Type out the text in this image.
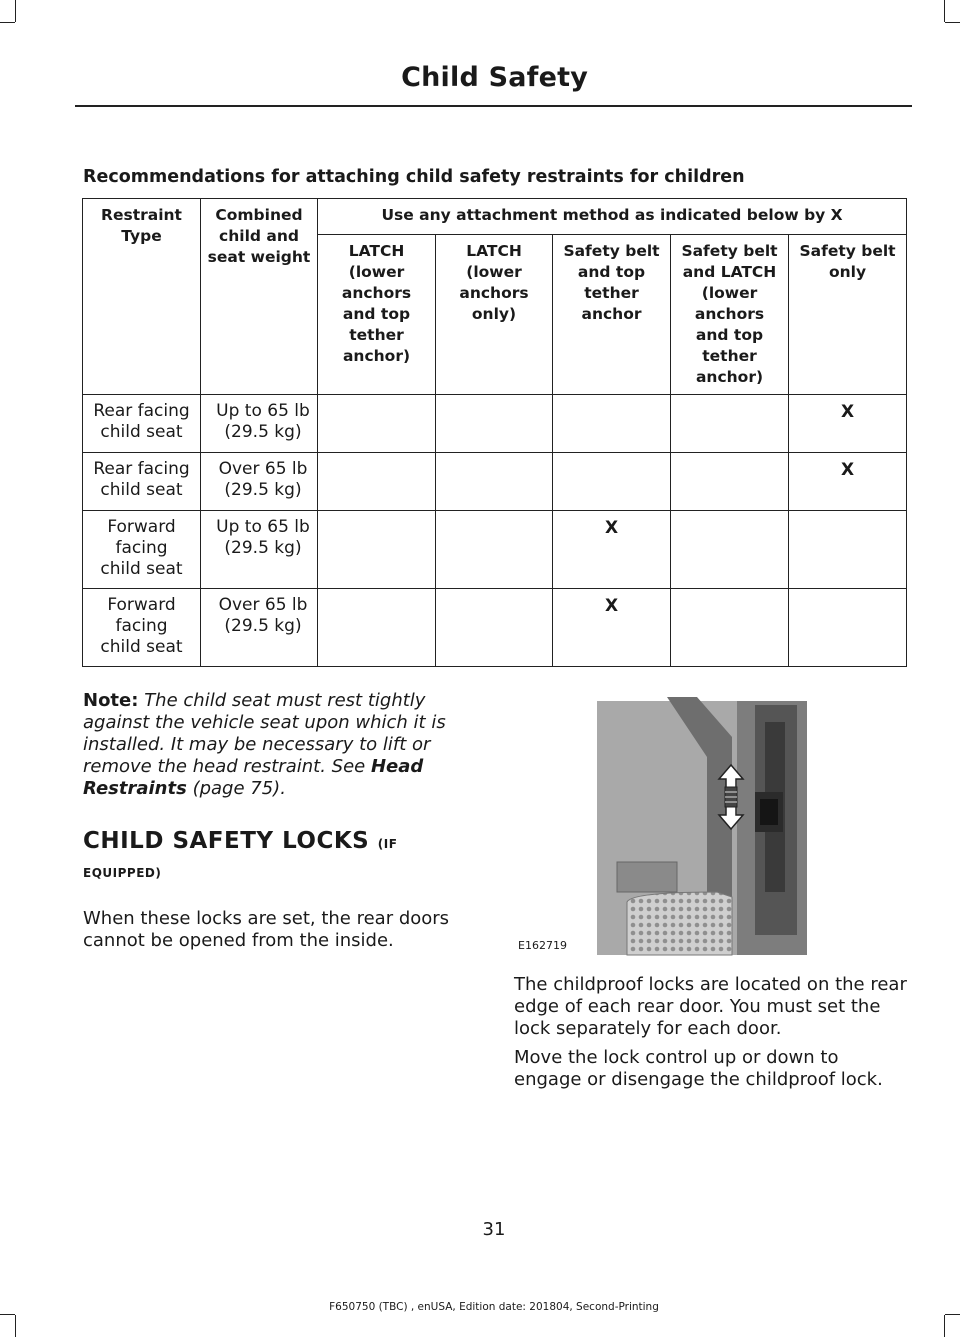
Child Safety
Recommendations for attaching child safety restraints for children
Restraint Type	Combined child and seat weight	Use any attachment method as indicated below by X				
		LATCH (lower anchors and top tether anchor)	LATCH (lower anchors only)	Safety belt and top tether anchor	Safety belt and LATCH (lower anchors and top tether anchor)	Safety belt only
Rear facing child seat	Up to 65 lb (29.5 kg)					X
Rear facing child seat	Over 65 lb (29.5 kg)					X
Forward facing child seat	Up to 65 lb (29.5 kg)			X		
Forward facing child seat	Over 65 lb (29.5 kg)			X		
Note: The child seat must rest tightly against the vehicle seat upon which it is installed. It may be necessary to lift or remove the head restraint. See Head Restraints (page 75).
CHILD SAFETY LOCKS (IF
EQUIPPED)
When these locks are set, the rear doors cannot be opened from the inside.	E162719
The childproof locks are located on the rear edge of each rear door. You must set the lock separately for each door.
Move the lock control up or down to engage or disengage the childproof lock.
31
F650750 (TBC) , enUSA, Edition date: 201804, Second-Printing
